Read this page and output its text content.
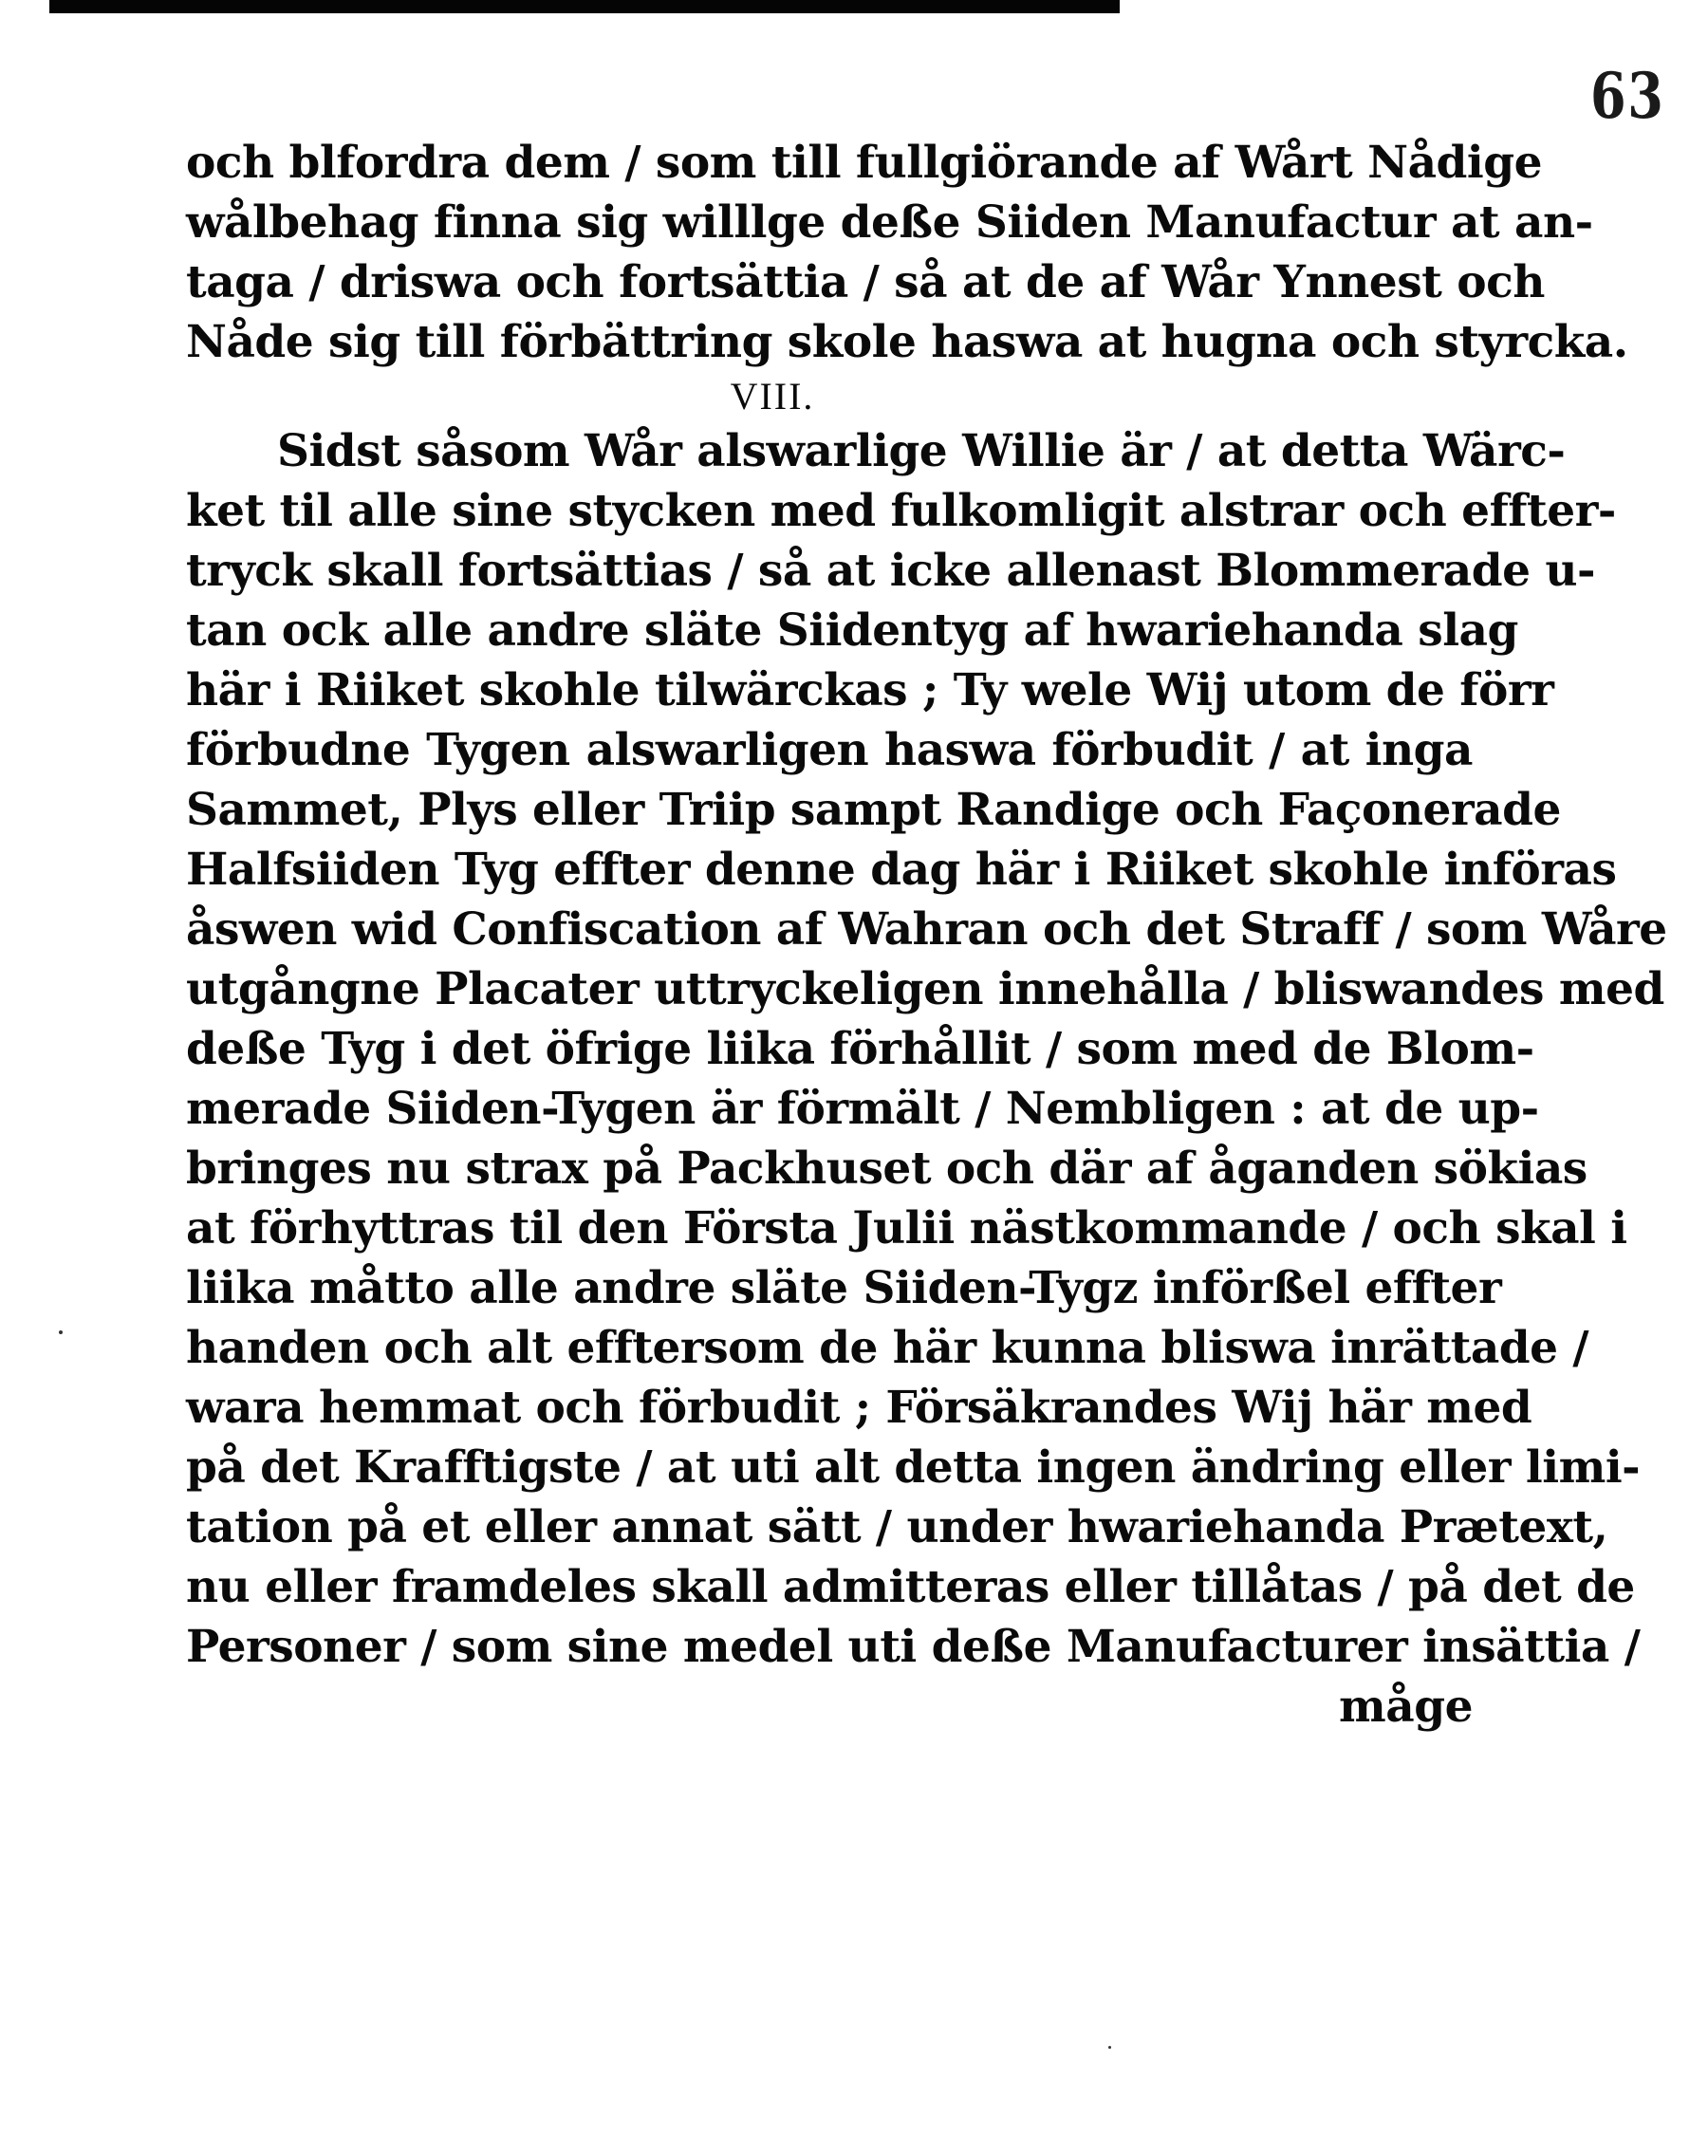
63
och blfordra dem / som till fullgiörande af Wårt Nådige
wålbehag finna sig willlge deße Siiden Manufactur at an-
taga / driswa och fortsättia / så at de af Wår Ynnest och
Nåde sig till förbättring skole haswa at hugna och styrcka.
VIII.
Sidst såsom Wår alswarlige Willie är / at detta Wärc-
ket til alle sine stycken med fulkomligit alstrar och effter-
tryck skall fortsättias / så at icke allenast Blommerade u-
tan ock alle andre släte Siidentyg af hwariehanda slag
här i Riiket skohle tilwärckas ; Ty wele Wij utom de förr
förbudne Tygen alswarligen haswa förbudit / at inga
Sammet, Plys eller Triip sampt Randige och Façonerade
Halfsiiden Tyg effter denne dag här i Riiket skohle införas
åswen wid Confiscation af Wahran och det Straff / som Wåre
utgångne Placater uttryckeligen innehålla / bliswandes med
deße Tyg i det öfrige liika förhållit / som med de Blom-
merade Siiden-Tygen är förmält / Nembligen : at de up-
bringes nu strax på Packhuset och där af åganden sökias
at förhyttras til den Första Julii nästkommande / och skal i
liika måtto alle andre släte Siiden-Tygz införßel effter
handen och alt efftersom de här kunna bliswa inrättade /
wara hemmat och förbudit ; Försäkrandes Wij här med
på det Krafftigste / at uti alt detta ingen ändring eller limi-
tation på et eller annat sätt / under hwariehanda Prætext,
nu eller framdeles skall admitteras eller tillåtas / på det de
Personer / som sine medel uti deße Manufacturer insättia /
måge
